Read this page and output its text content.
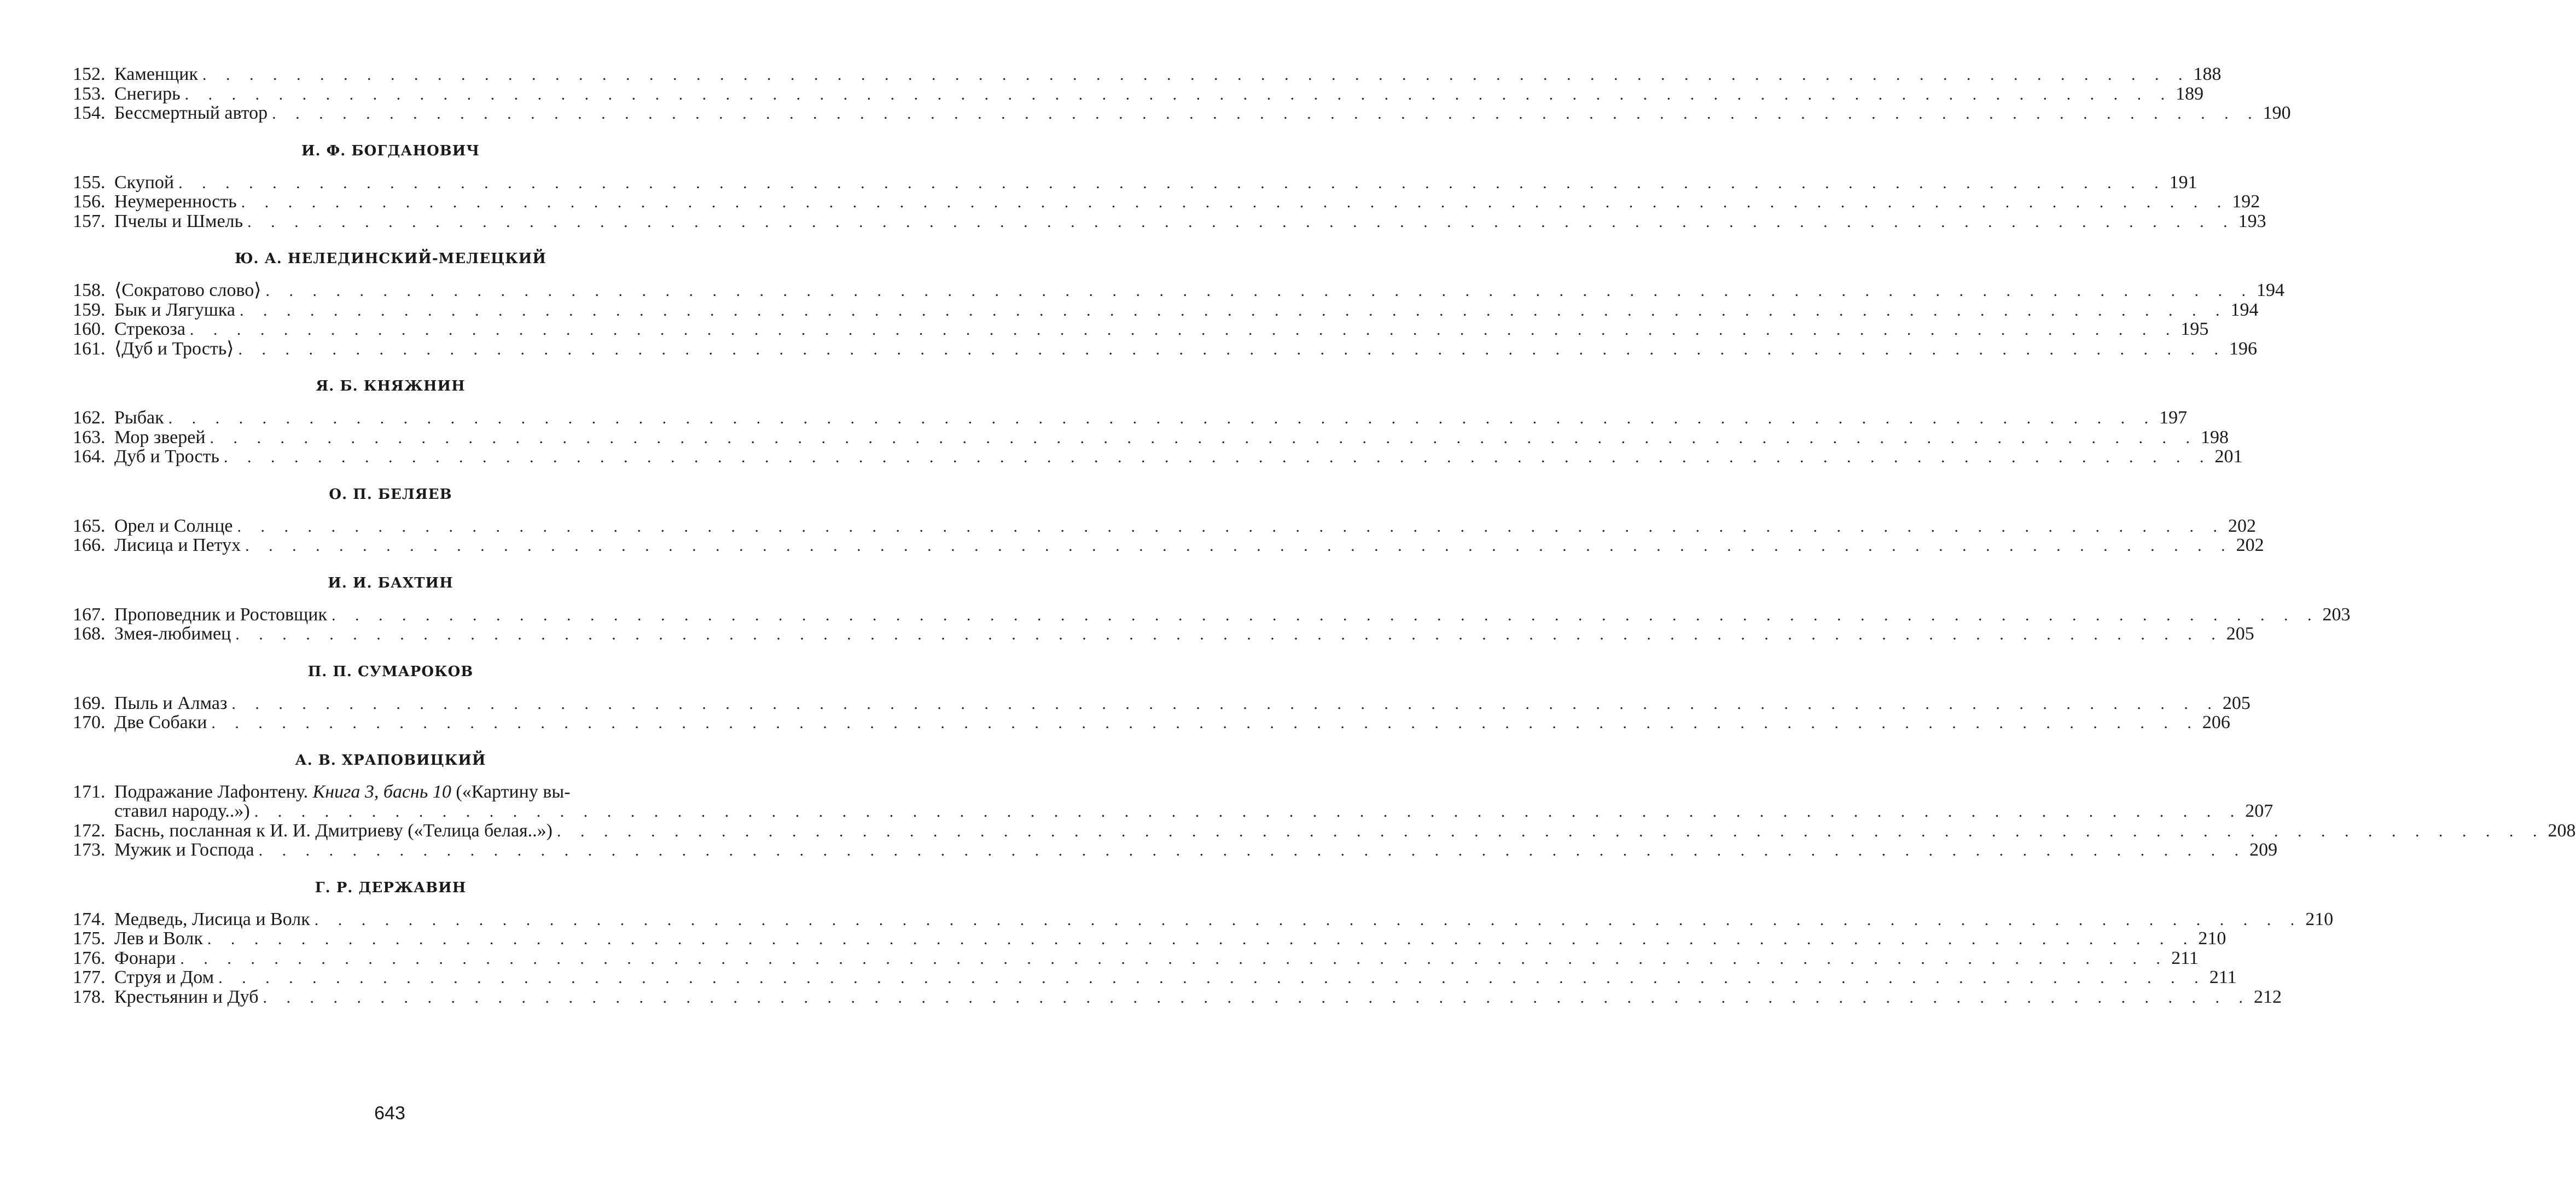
152. Каменщик . . . . . . . . . . . . . . . . . . . . . . . . . . . . . . . . . . . . . . . . . . . . . . . . . . . . . . . . . . . . . . . . . . . . . . . . . . . . . . . . . . . . . 188
153. Снегирь . . . . . . . . . . . . . . . . . . . . . . . . . . . . . . . . . . . . . . . . . . . . . . . . . . . . . . . . . . . . . . . . . . . . . . . . . . . . . . . . . . . . . 189
154. Бессмертный автор . . . . . . . . . . . . . . . . . . . . . . . . . . . . . . . . . . . . . . . . . . . . . . . . . . . . . . . . . . . . . . . . . . . . . . . . . . . . . . . . . . . . . 190
И. Ф. БОГДАНОВИЧ
155. Скупой . . . . . . . . . . . . . . . . . . . . . . . . . . . . . . . . . . . . . . . . . . . . . . . . . . . . . . . . . . . . . . . . . . . . . . . . . . . . . . . . . . . . . 191
156. Неумеренность . . . . . . . . . . . . . . . . . . . . . . . . . . . . . . . . . . . . . . . . . . . . . . . . . . . . . . . . . . . . . . . . . . . . . . . . . . . . . . . . . . . . . 192
157. Пчелы и Шмель . . . . . . . . . . . . . . . . . . . . . . . . . . . . . . . . . . . . . . . . . . . . . . . . . . . . . . . . . . . . . . . . . . . . . . . . . . . . . . . . . . . . . 193
Ю. А. НЕЛЕДИНСКИЙ-МЕЛЕЦКИЙ
158. ⟨Сократово слово⟩ . . . . . . . . . . . . . . . . . . . . . . . . . . . . . . . . . . . . . . . . . . . . . . . . . . . . . . . . . . . . . . . . . . . . . . . . . . . . . . . . . . . . . 194
159. Бык и Лягушка . . . . . . . . . . . . . . . . . . . . . . . . . . . . . . . . . . . . . . . . . . . . . . . . . . . . . . . . . . . . . . . . . . . . . . . . . . . . . . . . . . . . . 194
160. Стрекоза . . . . . . . . . . . . . . . . . . . . . . . . . . . . . . . . . . . . . . . . . . . . . . . . . . . . . . . . . . . . . . . . . . . . . . . . . . . . . . . . . . . . . 195
161. ⟨Дуб и Трость⟩ . . . . . . . . . . . . . . . . . . . . . . . . . . . . . . . . . . . . . . . . . . . . . . . . . . . . . . . . . . . . . . . . . . . . . . . . . . . . . . . . . . . . . 196
Я. Б. КНЯЖНИН
162. Рыбак . . . . . . . . . . . . . . . . . . . . . . . . . . . . . . . . . . . . . . . . . . . . . . . . . . . . . . . . . . . . . . . . . . . . . . . . . . . . . . . . . . . . . 197
163. Мор зверей . . . . . . . . . . . . . . . . . . . . . . . . . . . . . . . . . . . . . . . . . . . . . . . . . . . . . . . . . . . . . . . . . . . . . . . . . . . . . . . . . . . . . 198
164. Дуб и Трость . . . . . . . . . . . . . . . . . . . . . . . . . . . . . . . . . . . . . . . . . . . . . . . . . . . . . . . . . . . . . . . . . . . . . . . . . . . . . . . . . . . . . 201
О. П. БЕЛЯЕВ
165. Орел и Солнце . . . . . . . . . . . . . . . . . . . . . . . . . . . . . . . . . . . . . . . . . . . . . . . . . . . . . . . . . . . . . . . . . . . . . . . . . . . . . . . . . . . . . 202
166. Лисица и Петух . . . . . . . . . . . . . . . . . . . . . . . . . . . . . . . . . . . . . . . . . . . . . . . . . . . . . . . . . . . . . . . . . . . . . . . . . . . . . . . . . . . . . 202
И. И. БАХТИН
167. Проповедник и Ростовщик . . . . . . . . . . . . . . . . . . . . . . . . . . . . . . . . . . . . . . . . . . . . . . . . . . . . . . . . . . . . . . . . . . . . . . . . . . . . . . . . . . . . . 203
168. Змея-любимец . . . . . . . . . . . . . . . . . . . . . . . . . . . . . . . . . . . . . . . . . . . . . . . . . . . . . . . . . . . . . . . . . . . . . . . . . . . . . . . . . . . . . 205
П. П. СУМАРОКОВ
169. Пыль и Алмаз . . . . . . . . . . . . . . . . . . . . . . . . . . . . . . . . . . . . . . . . . . . . . . . . . . . . . . . . . . . . . . . . . . . . . . . . . . . . . . . . . . . . . 205
170. Две Собаки . . . . . . . . . . . . . . . . . . . . . . . . . . . . . . . . . . . . . . . . . . . . . . . . . . . . . . . . . . . . . . . . . . . . . . . . . . . . . . . . . . . . . 206
А. В. ХРАПОВИЦКИЙ
171. Подражание Лафонтену. Книга 3, баснь 10 («Картину вы-
ставил народу..») . . . . . . . . . . . . . . . . . . . . . . . . . . . . . . . . . . . . . . . . . . . . . . . . . . . . . . . . . . . . . . . . . . . . . . . . . . . . . . . . . . . . . 207
172. Баснь, посланная к И. И. Дмитриеву («Телица белая..») . . . . . . . . . . . . . . . . . . . . . . . . . . . . . . . . . . . . . . . . . . . . . . . . . . . . . . . . . . . . . . . . . . . . . . . . . . . . . . . . . . . . . 208
173. Мужик и Господа . . . . . . . . . . . . . . . . . . . . . . . . . . . . . . . . . . . . . . . . . . . . . . . . . . . . . . . . . . . . . . . . . . . . . . . . . . . . . . . . . . . . . 209
Г. Р. ДЕРЖАВИН
174. Медведь, Лисица и Волк . . . . . . . . . . . . . . . . . . . . . . . . . . . . . . . . . . . . . . . . . . . . . . . . . . . . . . . . . . . . . . . . . . . . . . . . . . . . . . . . . . . . . 210
175. Лев и Волк . . . . . . . . . . . . . . . . . . . . . . . . . . . . . . . . . . . . . . . . . . . . . . . . . . . . . . . . . . . . . . . . . . . . . . . . . . . . . . . . . . . . . 210
176. Фонари . . . . . . . . . . . . . . . . . . . . . . . . . . . . . . . . . . . . . . . . . . . . . . . . . . . . . . . . . . . . . . . . . . . . . . . . . . . . . . . . . . . . . 211
177. Струя и Дом . . . . . . . . . . . . . . . . . . . . . . . . . . . . . . . . . . . . . . . . . . . . . . . . . . . . . . . . . . . . . . . . . . . . . . . . . . . . . . . . . . . . . 211
178. Крестьянин и Дуб . . . . . . . . . . . . . . . . . . . . . . . . . . . . . . . . . . . . . . . . . . . . . . . . . . . . . . . . . . . . . . . . . . . . . . . . . . . . . . . . . . . . . 212
643
